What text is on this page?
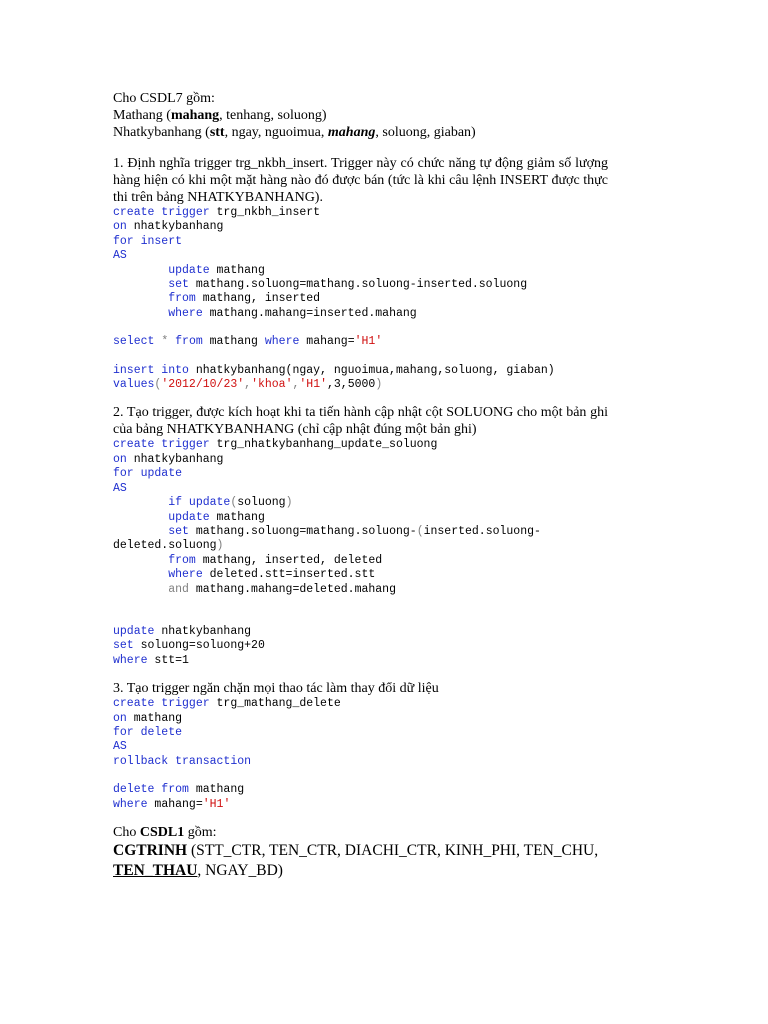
Cho CSDL7 gồm:
Mathang (mahang, tenhang, soluong)
Nhatkybanhang (stt, ngay, nguoimua, mahang, soluong, giaban)
1. Định nghĩa trigger trg_nkbh_insert. Trigger này có chức năng tự động giảm số lượng hàng hiện có khi một mặt hàng nào đó được bán (tức là khi câu lệnh INSERT được thực thi trên bảng NHATKYBANHANG).
create trigger trg_nkbh_insert
on nhatkybanhang
for insert
AS
	update mathang
	set mathang.soluong=mathang.soluong-inserted.soluong
	from mathang, inserted
	where mathang.mahang=inserted.mahang
select * from mathang where mahang='H1'
insert into nhatkybanhang(ngay, nguoimua,mahang,soluong, giaban)
values('2012/10/23','khoa','H1',3,5000)
2. Tạo trigger, được kích hoạt khi ta tiến hành cập nhật cột SOLUONG cho một bản ghi của bảng NHATKYBANHANG (chỉ cập nhật đúng một bản ghi)
create trigger trg_nhatkybanhang_update_soluong
on nhatkybanhang
for update
AS
	if update(soluong)
	update mathang
	set mathang.soluong=mathang.soluong-(inserted.soluong-
deleted.soluong)
	from mathang, inserted, deleted
	where deleted.stt=inserted.stt
	and mathang.mahang=deleted.mahang
update nhatkybanhang
set soluong=soluong+20
where stt=1
3. Tạo trigger ngăn chặn mọi thao tác làm thay đổi dữ liệu
create trigger trg_mathang_delete
on mathang
for delete
AS
rollback transaction
delete from mathang
where mahang='H1'
Cho CSDL1 gồm:
CGTRINH (STT_CTR, TEN_CTR, DIACHI_CTR, KINH_PHI, TEN_CHU,
TEN_THAU, NGAY_BD)
